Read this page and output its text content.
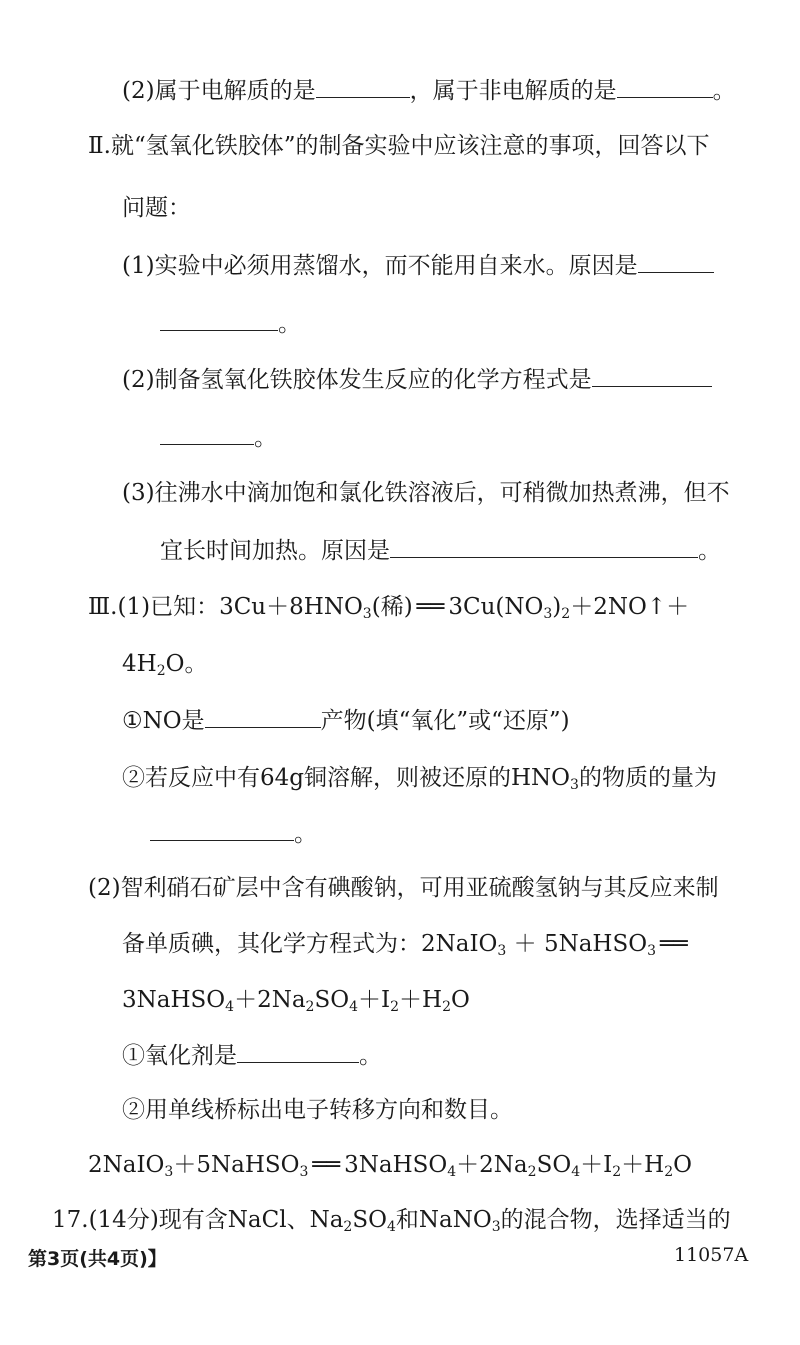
(2)属于电解质的是	，属于非电解质的是	。
Ⅱ.就“氢氧化铁胶体”的制备实验中应该注意的事项，回答以下
问题：
(1)实验中必须用蒸馏水，而不能用自来水。原因是
。
(2)制备氢氧化铁胶体发生反应的化学方程式是
。
(3)往沸水中滴加饱和氯化铁溶液后，可稍微加热煮沸，但不
宜长时间加热。原因是	。
Ⅲ.(1)已知：$3Cu+8HNO_3$(稀) ══ $3Cu(NO_3)_2+2NO↑+$
$4H_2O$。
①NO是	产物(填“氧化”或“还原”)
②若反应中有64g铜溶解，则被还原的$HNO_3$的物质的量为
。
(2)智利硝石矿层中含有碘酸钠，可用亚硫酸氢钠与其反应来制
备单质碘，其化学方程式为：2NaIO$_3$ ＋ 5NaHSO$_3$ ══
$3NaHSO_4+2Na_2SO_4+I_2+H_2O$
①氧化剂是	。
②用单线桥标出电子转移方向和数目。
2NaIO$_3$＋5NaHSO$_3$ ══ $3NaHSO_4+2Na_2SO_4+I_2+H_2O$
17.(14分)现有含NaCl、$Na_2SO_4$和NaNO$_3$的混合物，选择适当的
第3页(共4页)】	11057A
